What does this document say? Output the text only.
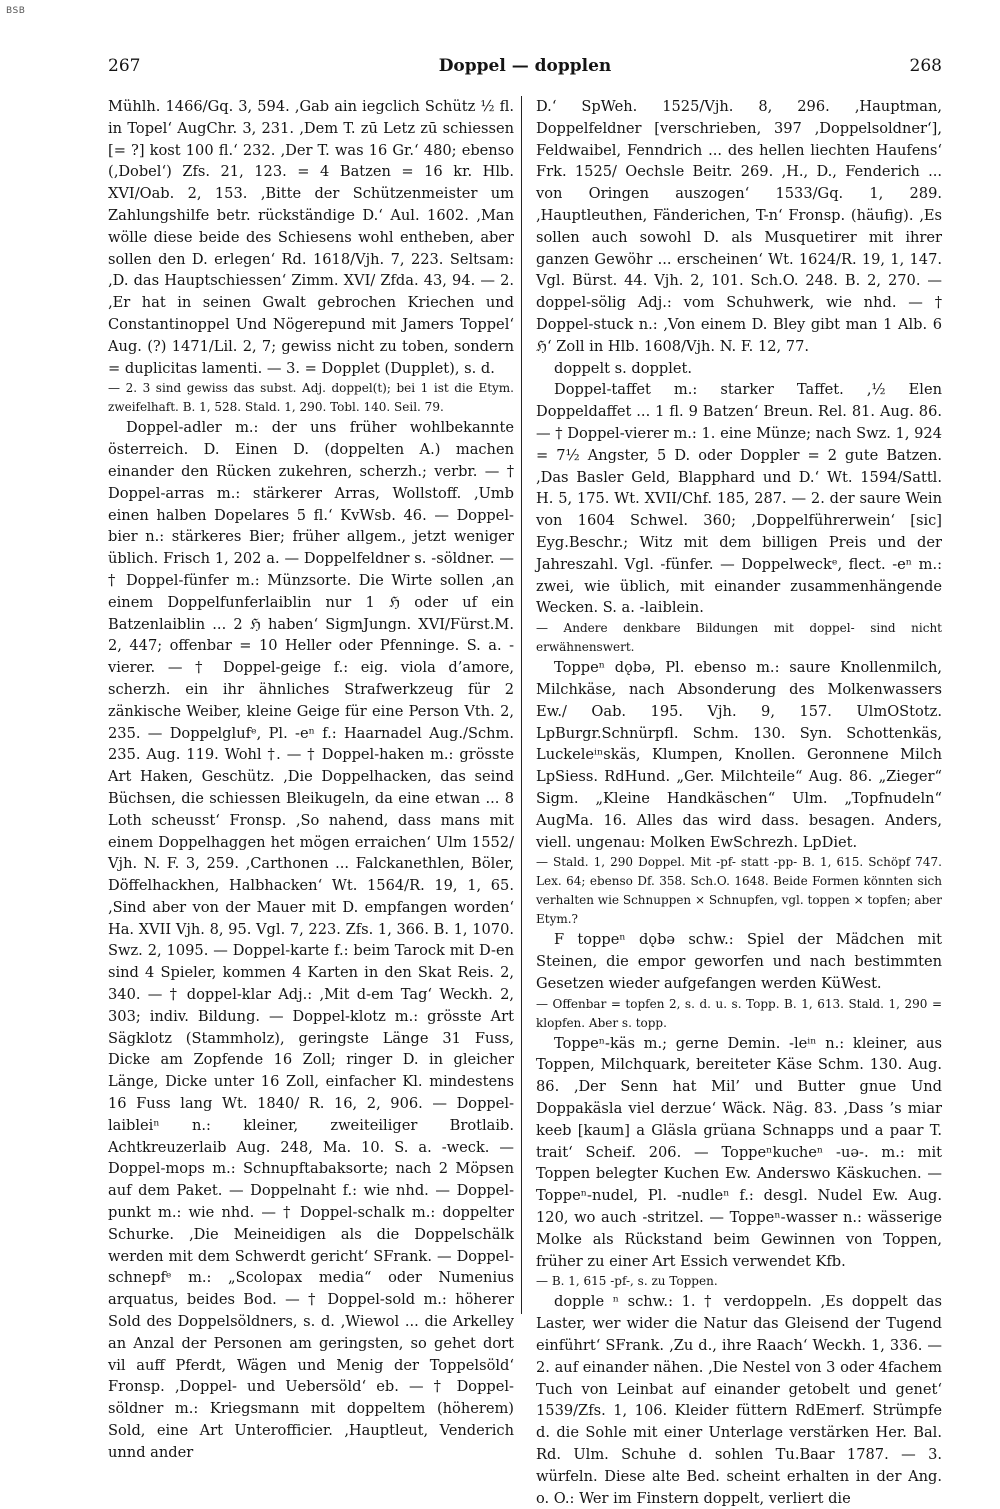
BSB
267	Doppel — dopplen	268

Mühlh. 1466/Gq. 3, 594. ‚Gab ain iegclich Schütz ½ fl. in Topel‘ AugChr. 3, 231. ‚Dem T. zū Letz zū schiessen [= ?] kost 100 fl.‘ 232. ‚Der T. was 16 Gr.‘ 480; ebenso (‚Dobel‘) Zfs. 21, 123. = 4 Batzen = 16 kr. Hlb. XVI/Oab. 2, 153. ‚Bitte der Schützenmeister um Zahlungshilfe betr. rückständige D.‘ Aul. 1602. ‚Man wölle diese beide des Schiesens wohl entheben, aber sollen den D. erlegen‘ Rd. 1618/Vjh. 7, 223. Seltsam: ‚D. das Hauptschiessen‘ Zimm. XVI/ Zfda. 43, 94. — 2. ‚Er hat in seinen Gwalt gebrochen Kriechen und Constantinoppel Und Nögerepund mit Jamers Toppel‘ Aug. (?) 1471/Lil. 2, 7; gewiss nicht zu toben, sondern = duplicitas lamenti. — 3. = Dopplet (Dupplet), s. d.

— 2. 3 sind gewiss das subst. Adj. doppel(t); bei 1 ist die Etym. zweifelhaft. B. 1, 528. Stald. 1, 290. Tobl. 140. Seil. 79.

Doppel-adler m.: der uns früher wohlbekannte österreich. D. Einen D. (doppelten A.) machen einander den Rücken zukehren, scherzh.; verbr. — † Doppel-arras m.: stärkerer Arras, Wollstoff. ‚Umb einen halben Dopelares 5 fl.‘ KvWsb. 46. — Doppel-bier n.: stärkeres Bier; früher allgem., jetzt weniger üblich. Frisch 1, 202 a. — Doppelfeldner s. -söldner. — † Doppel-fünfer m.: Münzsorte. Die Wirte sollen ‚an einem Doppelfunferlaiblin nur 1 ℌ oder uf ein Batzenlaiblin ... 2 ℌ haben‘ SigmJungn. XVI/Fürst.M. 2, 447; offenbar = 10 Heller oder Pfenninge. S. a. -vierer. — † Doppel-geige f.: eig. viola d’amore, scherzh. ein ihr ähnliches Strafwerkzeug für 2 zänkische Weiber, kleine Geige für eine Person Vth. 2, 235. — Doppelglufᵉ, Pl. -eⁿ f.: Haarnadel Aug./Schm. 235. Aug. 119. Wohl †. — † Doppel-haken m.: grösste Art Haken, Geschütz. ‚Die Doppelhacken, das seind Büchsen, die schiessen Bleikugeln, da eine etwan ... 8 Loth scheusst‘ Fronsp. ‚So nahend, dass mans mit einem Doppelhaggen het mögen erraichen‘ Ulm 1552/ Vjh. N. F. 3, 259. ‚Carthonen ... Falckanethlen, Böler, Döffelhackhen, Halbhacken‘ Wt. 1564/R. 19, 1, 65. ‚Sind aber von der Mauer mit D. empfangen worden‘ Ha. XVII Vjh. 8, 95. Vgl. 7, 223. Zfs. 1, 366. B. 1, 1070. Swz. 2, 1095. — Doppel-karte f.: beim Tarock mit D-en sind 4 Spieler, kommen 4 Karten in den Skat Reis. 2, 340. — † doppel-klar Adj.: ‚Mit d-em Tag‘ Weckh. 2, 303; indiv. Bildung. — Doppel-klotz m.: grösste Art Sägklotz (Stammholz), geringste Länge 31 Fuss, Dicke am Zopfende 16 Zoll; ringer D. in gleicher Länge, Dicke unter 16 Zoll, einfacher Kl. mindestens 16 Fuss lang Wt. 1840/ R. 16, 2, 906. — Doppel-laibleiⁿ n.: kleiner, zweiteiliger Brotlaib. Achtkreuzerlaib Aug. 248, Ma. 10. S. a. -weck. — Doppel-mops m.: Schnupftabaksorte; nach 2 Möpsen auf dem Paket. — Doppelnaht f.: wie nhd. — Doppel-punkt m.: wie nhd. — † Doppel-schalk m.: doppelter Schurke. ‚Die Meineidigen als die Doppelschälk werden mit dem Schwerdt gericht‘ SFrank. — Doppel-schnepfᵉ m.: „Scolopax media“ oder Numenius arquatus, beides Bod. — † Doppel-sold m.: höherer Sold des Doppelsöldners, s. d. ‚Wiewol ... die Arkelley an Anzal der Personen am geringsten, so gehet dort vil auff Pferdt, Wägen und Menig der Toppelsöld‘ Fronsp. ‚Doppel- und Uebersöld‘ eb. — † Doppel-söldner m.: Kriegsmann mit doppeltem (höherem) Sold, eine Art Unterofficier. ‚Hauptleut, Venderich unnd ander

D.‘ SpWeh. 1525/Vjh. 8, 296. ‚Hauptman, Doppelfeldner [verschrieben, 397 ‚Doppelsoldner‘], Feldwaibel, Fenndrich ... des hellen liechten Haufens‘ Frk. 1525/ Oechsle Beitr. 269. ‚H., D., Fenderich ... von Oringen auszogen‘ 1533/Gq. 1, 289. ‚Hauptleuthen, Fänderichen, T-n‘ Fronsp. (häufig). ‚Es sollen auch sowohl D. als Musquetirer mit ihrer ganzen Gewöhr ... erscheinen‘ Wt. 1624/R. 19, 1, 147. Vgl. Bürst. 44. Vjh. 2, 101. Sch.O. 248. B. 2, 270. — doppel-sölig Adj.: vom Schuhwerk, wie nhd. — † Doppel-stuck n.: ‚Von einem D. Bley gibt man 1 Alb. 6 ℌ‘ Zoll in Hlb. 1608/Vjh. N. F. 12, 77.

doppelt s. dopplet.

Doppel-taffet m.: starker Taffet. ‚½ Elen Doppeldaffet ... 1 fl. 9 Batzen‘ Breun. Rel. 81. Aug. 86. — † Doppel-vierer m.: 1. eine Münze; nach Swz. 1, 924 = 7½ Angster, 5 D. oder Doppler = 2 gute Batzen. ‚Das Basler Geld, Blapphard und D.‘ Wt. 1594/Sattl. H. 5, 175. Wt. XVII/Chf. 185, 287. — 2. der saure Wein von 1604 Schwel. 360; ‚Doppelführerwein‘ [sic] Eyg.Beschr.; Witz mit dem billigen Preis und der Jahreszahl. Vgl. -fünfer. — Doppelweckᵉ, flect. -eⁿ m.: zwei, wie üblich, mit einander zusammenhängende Wecken. S. a. -laiblein.

— Andere denkbare Bildungen mit doppel- sind nicht erwähnenswert.

Toppeⁿ dǫbə, Pl. ebenso m.: saure Knollenmilch, Milchkäse, nach Absonderung des Molkenwassers Ew./ Oab. 195. Vjh. 9, 157. UlmOStotz. LpBurgr.Schnürpfl. Schm. 130. Syn. Schottenkäs, Luckeleⁱⁿskäs, Klumpen, Knollen. Geronnene Milch LpSiess. RdHund. „Ger. Milchteile“ Aug. 86. „Zieger“ Sigm. „Kleine Handkäschen“ Ulm. „Topfnudeln“ AugMa. 16. Alles das wird dass. besagen. Anders, viell. ungenau: Molken EwSchrezh. LpDiet.

— Stald. 1, 290 Doppel. Mit -pf- statt -pp- B. 1, 615. Schöpf 747. Lex. 64; ebenso Df. 358. Sch.O. 1648. Beide Formen könnten sich verhalten wie Schnuppen × Schnupfen, vgl. toppen × topfen; aber Etym.?

F toppeⁿ dǫbə schw.: Spiel der Mädchen mit Steinen, die empor geworfen und nach bestimmten Gesetzen wieder aufgefangen werden KüWest.

— Offenbar = topfen 2, s. d. u. s. Topp. B. 1, 613. Stald. 1, 290 = klopfen. Aber s. topp.

Toppeⁿ-käs m.; gerne Demin. -leⁱⁿ n.: kleiner, aus Toppen, Milchquark, bereiteter Käse Schm. 130. Aug. 86. ‚Der Senn hat Mil’ und Butter gnue Und Doppakäsla viel derzue‘ Wäck. Näg. 83. ‚Dass ’s miar keeb [kaum] a Gläsla grüana Schnapps und a paar T. trait‘ Scheif. 206. — Toppeⁿkucheⁿ -uə-. m.: mit Toppen belegter Kuchen Ew. Anderswo Käskuchen. — Toppeⁿ-nudel, Pl. -nudleⁿ f.: desgl. Nudel Ew. Aug. 120, wo auch -stritzel. — Toppeⁿ-wasser n.: wässerige Molke als Rückstand beim Gewinnen von Toppen, früher zu einer Art Essich verwendet Kfb.

— B. 1, 615 -pf-, s. zu Toppen.

dopple ⁿ schw.: 1. † verdoppeln. ‚Es doppelt das Laster, wer wider die Natur das Gleisend der Tugend einführt‘ SFrank. ‚Zu d., ihre Raach‘ Weckh. 1, 336. — 2. auf einander nähen. ‚Die Nestel von 3 oder 4fachem Tuch von Leinbat auf einander getobelt und genet‘ 1539/Zfs. 1, 106. Kleider füttern RdEmerf. Strümpfe d. die Sohle mit einer Unterlage verstärken Her. Bal. Rd. Ulm. Schuhe d. sohlen Tu.Baar 1787. — 3. würfeln. Diese alte Bed. scheint erhalten in der Ang. o. O.: Wer im Finstern doppelt, verliert die
